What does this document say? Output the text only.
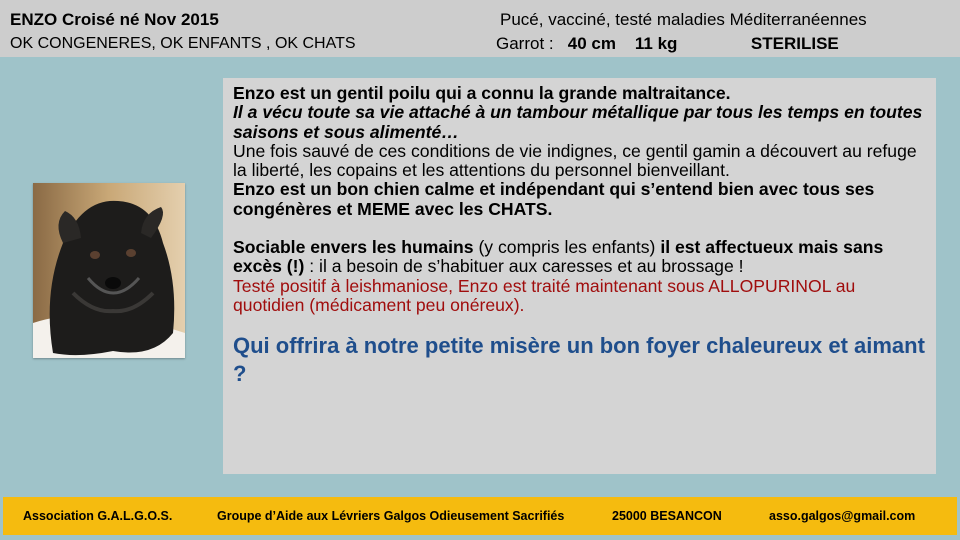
ENZO Croisé né Nov 2015
OK CONGENERES, OK ENFANTS , OK CHATS
Pucé, vacciné, testé maladies Méditerranéennes
Garrot : 40 cm 11 kg	STERILISE

Enzo est un gentil poilu qui a connu la grande maltraitance.

Il a vécu toute sa vie attaché à un tambour métallique par tous les temps en toutes saisons et sous alimenté…

Une fois sauvé de ces conditions de vie indignes, ce gentil gamin a découvert au refuge la liberté, les copains et les attentions du personnel bienveillant.

Enzo est un bon chien calme et indépendant qui s’entend bien avec tous ses congénères et MEME avec les CHATS.

Sociable envers les humains (y compris les enfants) il est affectueux mais sans excès (!) : il a besoin de s’habituer aux caresses et au brossage !

Testé positif à leishmaniose, Enzo est traité maintenant sous ALLOPURINOL au quotidien (médicament peu onéreux).

Qui offrira à notre petite misère un bon foyer chaleureux et aimant ?

Association G.A.L.G.O.S.	Groupe d’Aide aux Lévriers Galgos Odieusement Sacrifiés	25000 BESANCON	asso.galgos@gmail.com
